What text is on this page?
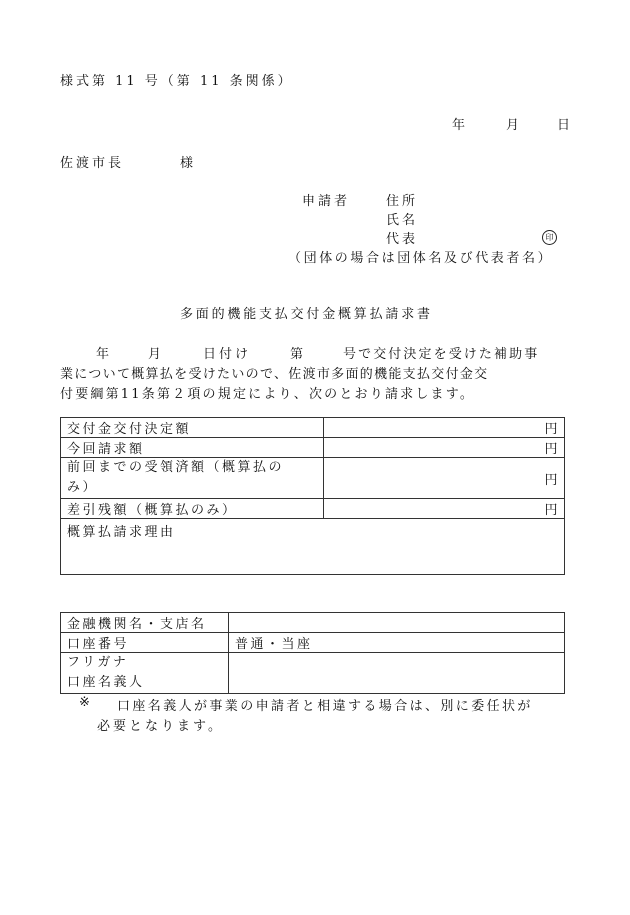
様式第 11 号（第 11 条関係）
年	月	日
佐渡市長	様
申請者	住所
氏名
代表	印
（団体の場合は団体名及び代表者名）
多面的機能支払交付金概算払請求書
年	月	日付け	第	号で交付決定を受けた補助事
業について概算払を受けたいので、佐渡市多面的機能支払交付金交
付要綱第11条第２項の規定により、次のとおり請求します。
交付金交付決定額	円
今回請求額	円

前回までの受領済額（概算払の
み）	円
差引残額（概算払のみ）	円
概算払請求理由	
金融機関名・支店名	
口座番号	普通・当座

フリガナ
口座名義人	

※ 口座名義人が事業の申請者と相違する場合は、別に委任状が
必要となります。
